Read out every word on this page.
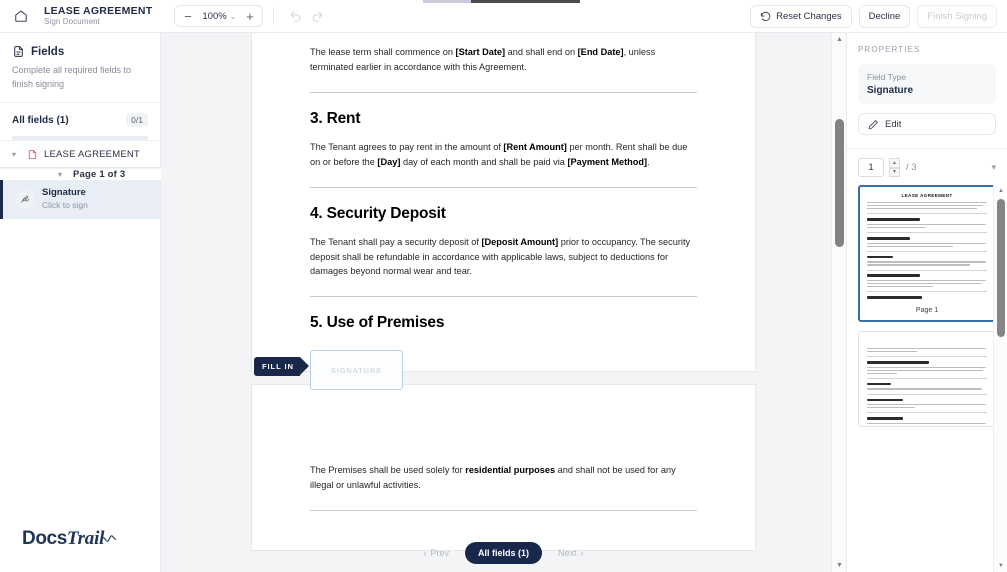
LEASE AGREEMENT
Sign Document	−	100% ⌄ +	Reset Changes	Decline	Finish Signing
Fields
Complete all required fields to finish signing
All fields (1)	0/1
▾	LEASE AGREEMENT
▾	Page 1 of 3
Signature
Click to sign
Docs Trail

The lease term shall commence on [Start Date] and shall end on [End Date], unless terminated earlier in accordance with this Agreement.

3. Rent

The Tenant agrees to pay rent in the amount of [Rent Amount] per month. Rent shall be due on or before the [Day] day of each month and shall be paid via [Payment Method].

4. Security Deposit

The Tenant shall pay a security deposit of [Deposit Amount] prior to occupancy. The security deposit shall be refundable in accordance with applicable laws, subject to deductions for damages beyond normal wear and tear.

5. Use of Premises
FILL IN	SIGNATURE

The Premises shall be used solely for residential purposes and shall not be used for any illegal or unlawful activities.

▲
▼
‹ Prev	All fields (1)	Next ›
PROPERTIES
Field Type
Signature
Edit
1	▲
▼ / 3	▾
LEASE AGREEMENT
Page 1
▲
▼
